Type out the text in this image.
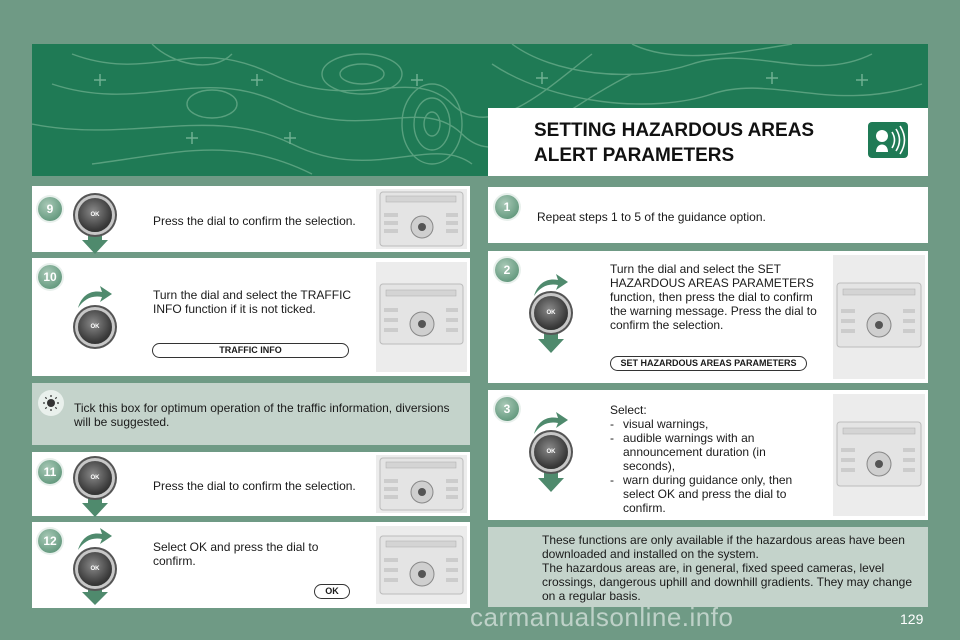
SETTING HAZARDOUS AREAS
ALERT PARAMETERS
9	OK	Press the dial to confirm the selection.
10
OK
Turn the dial and select the TRAFFIC INFO function if it is not ticked.
TRAFFIC INFO
Tick this box for optimum operation of the traffic information, diversions will be suggested.
11	OK
Press the dial to confirm the selection.
12
OK
Select OK and press the dial to confirm.
OK
1
Repeat steps 1 to 5 of the guidance option.
2
OK
Turn the dial and select the SET HAZARDOUS AREAS PARAMETERS function, then press the dial to confirm the warning message. Press the dial to confirm the selection.
SET HAZARDOUS AREAS PARAMETERS
3
OK
Select:
- visual warnings,
- audible warnings with an announcement duration (in seconds),
- warn during guidance only, then select OK and press the dial to confirm.
These functions are only available if the hazardous areas have been downloaded and installed on the system.
The hazardous areas are, in general, fixed speed cameras, level crossings, dangerous uphill and downhill gradients. They may change on a regular basis.
carmanualsonline.info	129
